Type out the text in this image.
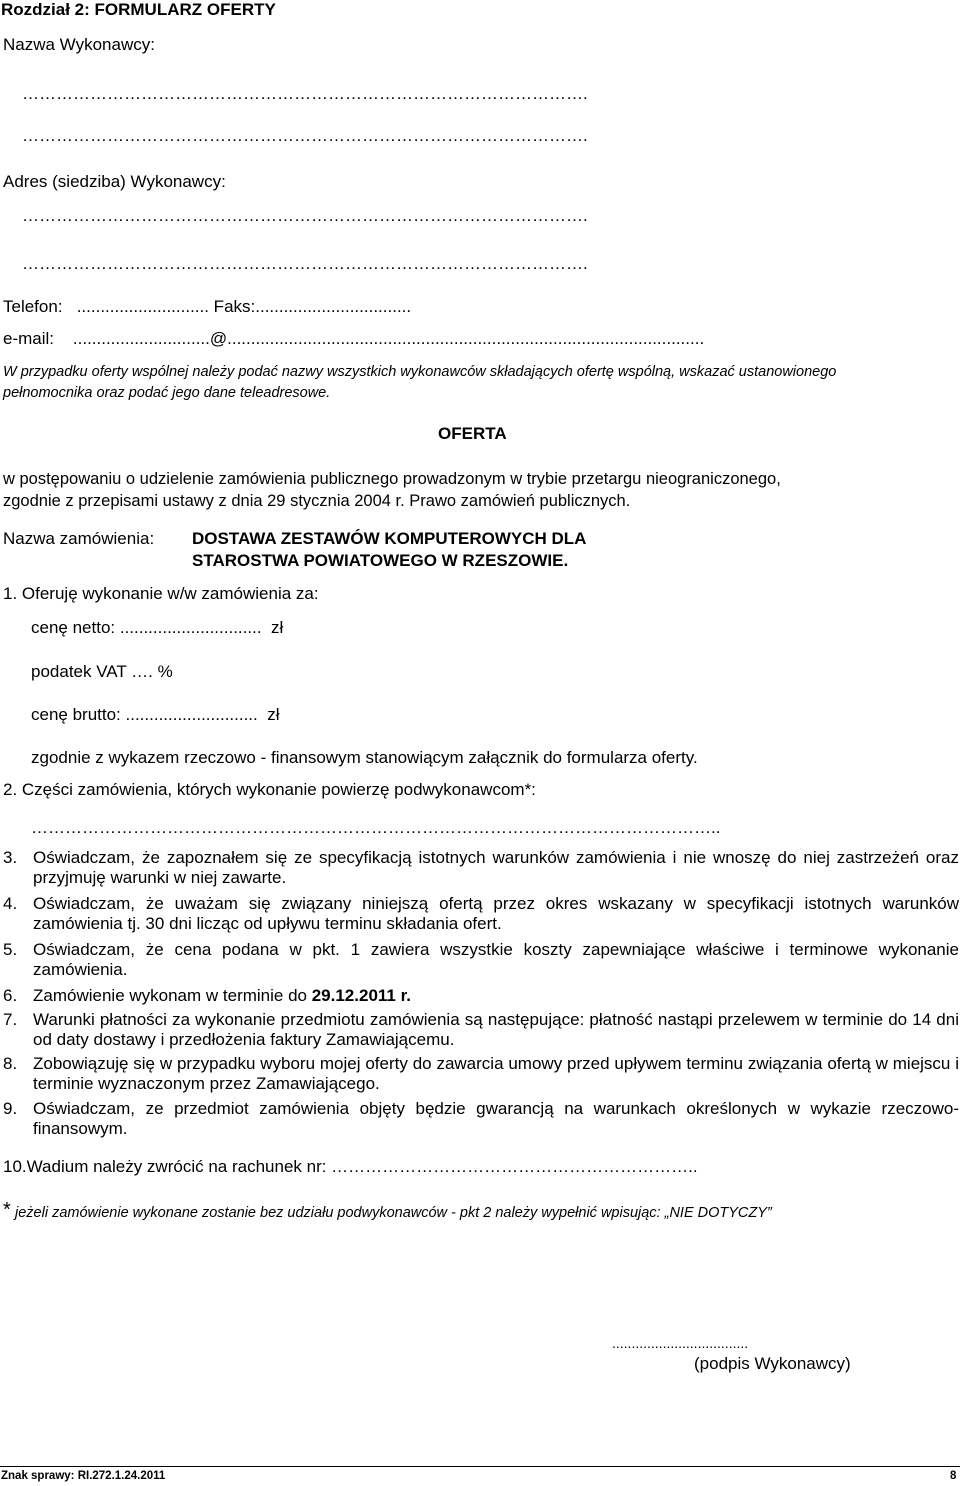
Rozdział 2: FORMULARZ OFERTY
Nazwa Wykonawcy:
……………………………………………………………………………………….
……………………………………………………………………………………….
Adres (siedziba) Wykonawcy:
……………………………………………………………………………………….
……………………………………………………………………………………….
Telefon:   ............................ Faks:.................................
e-mail:    .............................@.....................................................................................................
W przypadku oferty wspólnej należy podać nazwy wszystkich wykonawców składających ofertę wspólną, wskazać ustanowionego
pełnomocnika oraz podać jego dane teleadresowe.
OFERTA
w postępowaniu o udzielenie zamówienia publicznego prowadzonym w trybie przetargu nieograniczonego,
zgodnie z przepisami ustawy z dnia 29 stycznia 2004 r. Prawo zamówień publicznych.
Nazwa zamówienia: DOSTAWA ZESTAWÓW KOMPUTEROWYCH DLA
STAROSTWA POWIATOWEGO W RZESZOWIE.
1. Oferuję wykonanie w/w zamówienia za:
cenę netto: ..............................  zł
podatek VAT …. %
cenę brutto: ............................  zł
zgodnie z wykazem rzeczowo - finansowym stanowiącym załącznik do formularza oferty.
2. Części zamówienia, których wykonanie powierzę podwykonawcom*:
…………………………………………………………………………………………………………..
3. Oświadczam, że zapoznałem się ze specyfikacją istotnych warunków zamówienia i nie wnoszę do niej zastrzeżeń oraz przyjmuję warunki w niej zawarte.
4. Oświadczam, że uważam się związany niniejszą ofertą przez okres wskazany w specyfikacji istotnych warunków zamówienia tj. 30 dni licząc od upływu terminu składania ofert.
5. Oświadczam, że cena podana w pkt. 1 zawiera wszystkie koszty zapewniające właściwe i terminowe wykonanie zamówienia.
6. Zamówienie wykonam w terminie do 29.12.2011 r.
7. Warunki płatności za wykonanie przedmiotu zamówienia są następujące: płatność nastąpi przelewem w terminie do 14 dni od daty dostawy i przedłożenia faktury Zamawiającemu.
8. Zobowiązuję się w przypadku wyboru mojej oferty do zawarcia umowy przed upływem terminu związania ofertą w miejscu i terminie wyznaczonym przez Zamawiającego.
9. Oświadczam, ze przedmiot zamówienia objęty będzie gwarancją na warunkach określonych w wykazie rzeczowo-finansowym.
10.Wadium należy zwrócić na rachunek nr: ………………………………………………………..
* jeżeli zamówienie wykonane zostanie bez udziału podwykonawców - pkt 2 należy wypełnić wpisując: „NIE DOTYCZY”
...................................
(podpis Wykonawcy)
Znak sprawy: RI.272.1.24.2011	8
